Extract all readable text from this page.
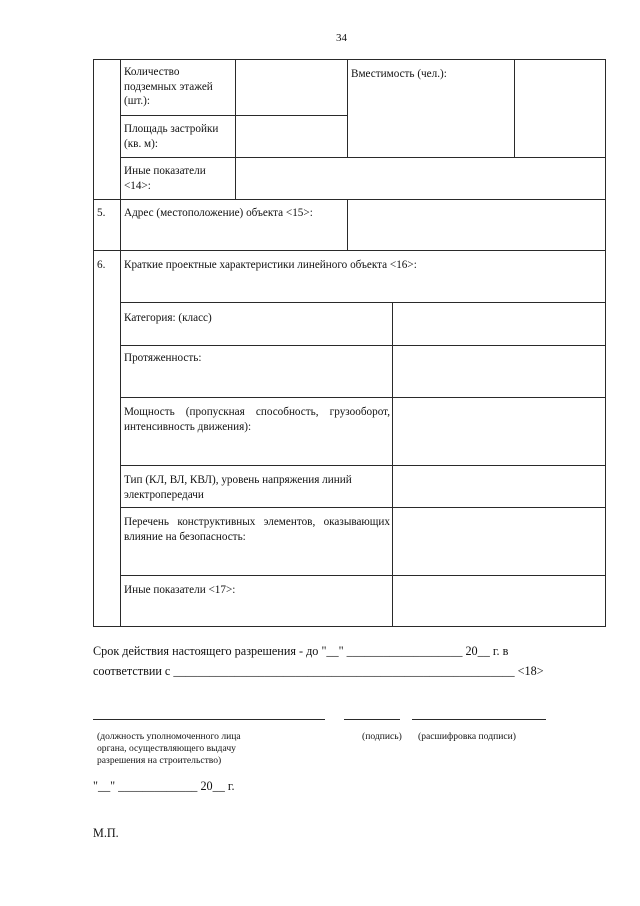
34
Количество подземных этажей (шт.):
Вместимость (чел.):
Площадь застройки (кв. м):
Иные показатели <14>:
5. Адрес (местоположение) объекта <15>:
6. Краткие проектные характеристики линейного объекта <16>:
Категория: (класс)
Протяженность:
Мощность (пропускная способность, грузооборот, интенсивность движения):
Тип (КЛ, ВЛ, КВЛ), уровень напряжения линий электропередачи
Перечень конструктивных элементов, оказывающих влияние на безопасность:
Иные показатели <17>:
Срок действия настоящего разрешения - до "__" ___________________ 20__ г. в
соответствии с ________________________________________________________ <18>
(должность уполномоченного лица органа, осуществляющего выдачу разрешения на строительство)
(подпись) (расшифровка подписи)
"__" _____________ 20__ г.
М.П.
